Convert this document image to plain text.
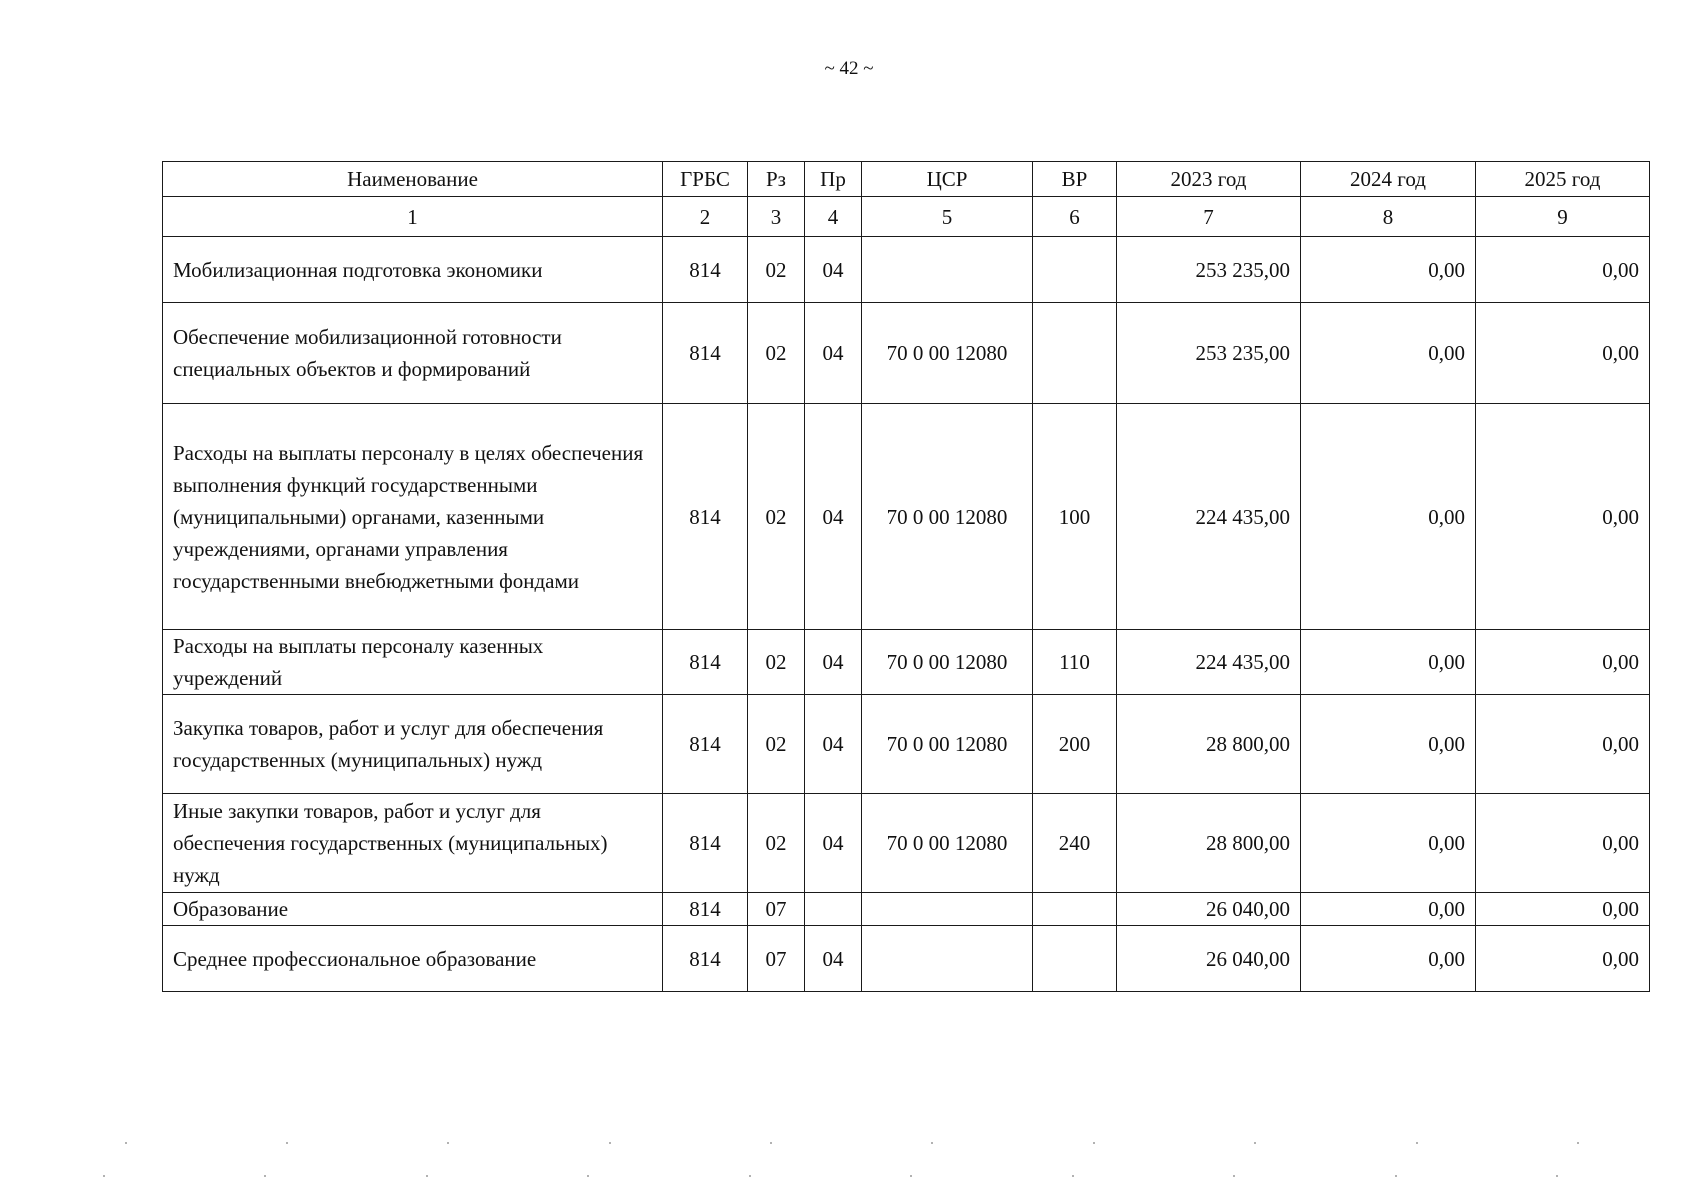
~ 42 ~
Наименование	ГРБС	Рз	Пр	ЦСР	ВР	2023 год	2024 год	2025 год
1	2	3	4	5	6	7	8	9
Мобилизационная подготовка экономики	814	02	04			253 235,00	0,00	0,00
Обеспечение мобилизационной готовности специальных объектов и формирований	814	02	04	70 0 00 12080		253 235,00	0,00	0,00
Расходы на выплаты персоналу в целях обеспечения выполнения функций государственными (муниципальными) органами, казенными учреждениями, органами управления государственными внебюджетными фондами	814	02	04	70 0 00 12080	100	224 435,00	0,00	0,00
Расходы на выплаты персоналу казенных учреждений	814	02	04	70 0 00 12080	110	224 435,00	0,00	0,00
Закупка товаров, работ и услуг для обеспечения государственных (муниципальных) нужд	814	02	04	70 0 00 12080	200	28 800,00	0,00	0,00
Иные закупки товаров, работ и услуг для обеспечения государственных (муниципальных) нужд	814	02	04	70 0 00 12080	240	28 800,00	0,00	0,00
Образование	814	07				26 040,00	0,00	0,00
Среднее профессиональное образование	814	07	04			26 040,00	0,00	0,00
